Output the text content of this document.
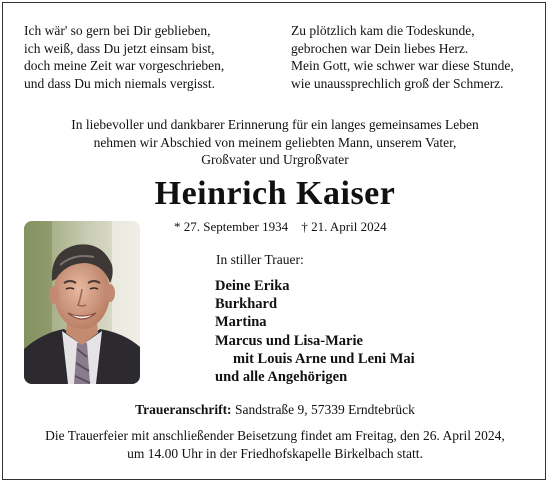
Ich wär' so gern bei Dir geblieben,
ich weiß, dass Du jetzt einsam bist,
doch meine Zeit war vorgeschrieben,
und dass Du mich niemals vergisst.
Zu plötzlich kam die Todeskunde,
gebrochen war Dein liebes Herz.
Mein Gott, wie schwer war diese Stunde,
wie unaussprechlich groß der Schmerz.
In liebevoller und dankbarer Erinnerung für ein langes gemeinsames Leben
nehmen wir Abschied von meinem geliebten Mann, unserem Vater,
Großvater und Urgroßvater
Heinrich Kaiser
* 27. September 1934 † 21. April 2024
In stiller Trauer:
Deine Erika
Burkhard
Martina
Marcus und Lisa-Marie
mit Louis Arne und Leni Mai
und alle Angehörigen
Traueranschrift: Sandstraße 9, 57339 Erndtebrück
Die Trauerfeier mit anschließender Beisetzung findet am Freitag, den 26. April 2024,
um 14.00 Uhr in der Friedhofskapelle Birkelbach statt.
